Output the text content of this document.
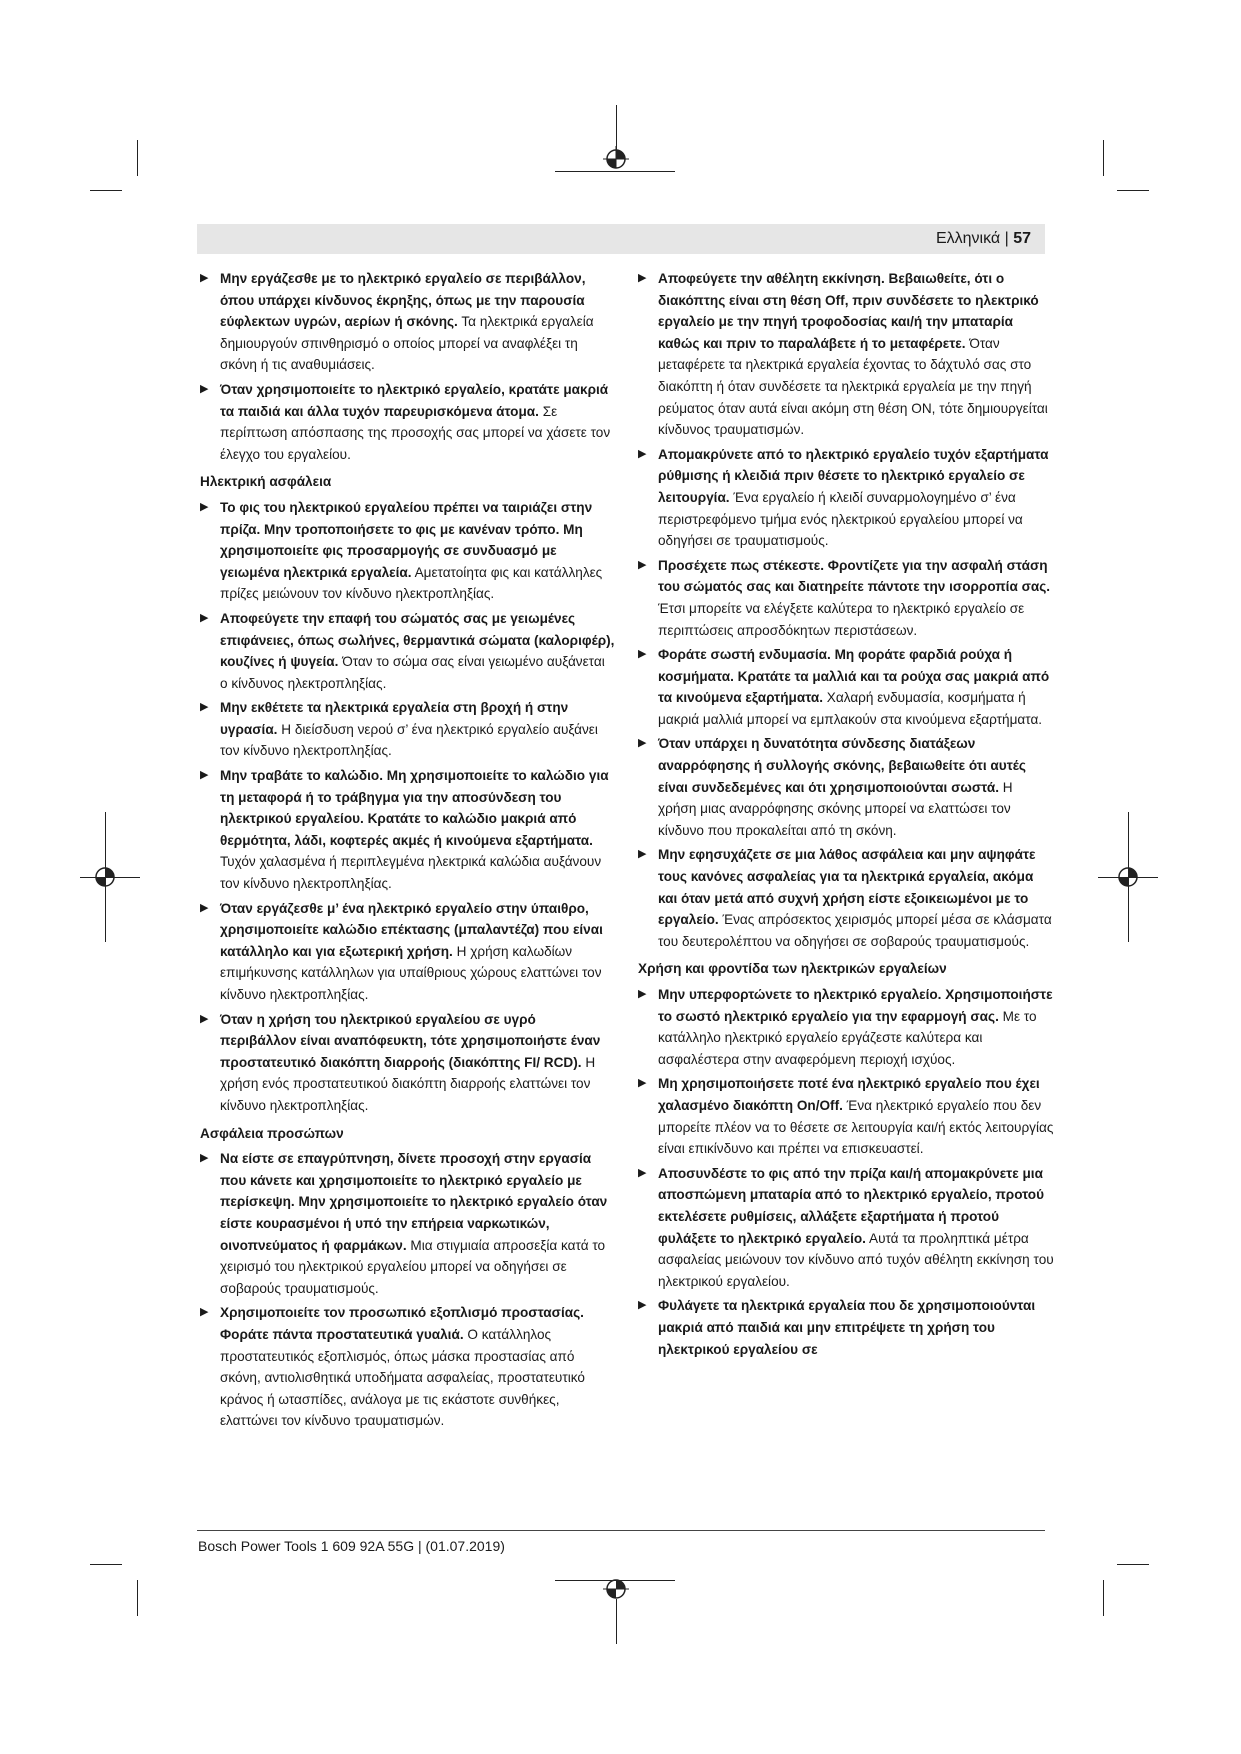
Ελληνικά | 57
▶ Μην εργάζεσθε με το ηλεκτρικό εργαλείο σε περιβάλλον, όπου υπάρχει κίνδυνος έκρηξης, όπως με την παρουσία εύφλεκτων υγρών, αερίων ή σκόνης. Τα ηλεκτρικά εργαλεία δημιουργούν σπινθηρισμό ο οποίος μπορεί να αναφλέξει τη σκόνη ή τις αναθυμιάσεις.
▶ Όταν χρησιμοποιείτε το ηλεκτρικό εργαλείο, κρατάτε μακριά τα παιδιά και άλλα τυχόν παρευρισκόμενα άτομα. Σε περίπτωση απόσπασης της προσοχής σας μπορεί να χάσετε τον έλεγχο του εργαλείου.
Ηλεκτρική ασφάλεια
▶ Το φις του ηλεκτρικού εργαλείου πρέπει να ταιριάζει στην πρίζα. Μην τροποποιήσετε το φις με κανέναν τρόπο. Μη χρησιμοποιείτε φις προσαρμογής σε συνδυασμό με γειωμένα ηλεκτρικά εργαλεία. Αμετατοίητα φις και κατάλληλες πρίζες μειώνουν τον κίνδυνο ηλεκτροπληξίας.
▶ Αποφεύγετε την επαφή του σώματός σας με γειωμένες επιφάνειες, όπως σωλήνες, θερμαντικά σώματα (καλοριφέρ), κουζίνες ή ψυγεία. Όταν το σώμα σας είναι γειωμένο αυξάνεται ο κίνδυνος ηλεκτροπληξίας.
▶ Μην εκθέτετε τα ηλεκτρικά εργαλεία στη βροχή ή στην υγρασία. Η διείσδυση νερού σ’ ένα ηλεκτρικό εργαλείο αυξάνει τον κίνδυνο ηλεκτροπληξίας.
▶ Μην τραβάτε το καλώδιο. Μη χρησιμοποιείτε το καλώδιο για τη μεταφορά ή το τράβηγμα για την αποσύνδεση του ηλεκτρικού εργαλείου. Κρατάτε το καλώδιο μακριά από θερμότητα, λάδι, κοφτερές ακμές ή κινούμενα εξαρτήματα. Τυχόν χαλασμένα ή περιπλεγμένα ηλεκτρικά καλώδια αυξάνουν τον κίνδυνο ηλεκτροπληξίας.
▶ Όταν εργάζεσθε μ’ ένα ηλεκτρικό εργαλείο στην ύπαιθρο, χρησιμοποιείτε καλώδιο επέκτασης (μπαλαντέζα) που είναι κατάλληλο και για εξωτερική χρήση. Η χρήση καλωδίων επιμήκυνσης κατάλληλων για υπαίθριους χώρους ελαττώνει τον κίνδυνο ηλεκτροπληξίας.
▶ Όταν η χρήση του ηλεκτρικού εργαλείου σε υγρό περιβάλλον είναι αναπόφευκτη, τότε χρησιμοποιήστε έναν προστατευτικό διακόπτη διαρροής (διακόπτης FI/ RCD). Η χρήση ενός προστατευτικού διακόπτη διαρροής ελαττώνει τον κίνδυνο ηλεκτροπληξίας.
Ασφάλεια προσώπων
▶ Να είστε σε επαγρύπνηση, δίνετε προσοχή στην εργασία που κάνετε και χρησιμοποιείτε το ηλεκτρικό εργαλείο με περίσκεψη. Μην χρησιμοποιείτε το ηλεκτρικό εργαλείο όταν είστε κουρασμένοι ή υπό την επήρεια ναρκωτικών, οινοπνεύματος ή φαρμάκων. Μια στιγμιαία απροσεξία κατά το χειρισμό του ηλεκτρικού εργαλείου μπορεί να οδηγήσει σε σοβαρούς τραυματισμούς.
▶ Χρησιμοποιείτε τον προσωπικό εξοπλισμό προστασίας. Φοράτε πάντα προστατευτικά γυαλιά. Ο κατάλληλος προστατευτικός εξοπλισμός, όπως μάσκα προστασίας από σκόνη, αντιολισθητικά υποδήματα ασφαλείας, προστατευτικό κράνος ή ωτασπίδες, ανάλογα με τις εκάστοτε συνθήκες, ελαττώνει τον κίνδυνο τραυματισμών.
▶ Αποφεύγετε την αθέλητη εκκίνηση. Βεβαιωθείτε, ότι ο διακόπτης είναι στη θέση Off, πριν συνδέσετε το ηλεκτρικό εργαλείο με την πηγή τροφοδοσίας και/ή την μπαταρία καθώς και πριν το παραλάβετε ή το μεταφέρετε. Όταν μεταφέρετε τα ηλεκτρικά εργαλεία έχοντας το δάχτυλό σας στο διακόπτη ή όταν συνδέσετε τα ηλεκτρικά εργαλεία με την πηγή ρεύματος όταν αυτά είναι ακόμη στη θέση ON, τότε δημιουργείται κίνδυνος τραυματισμών.
▶ Απομακρύνετε από το ηλεκτρικό εργαλείο τυχόν εξαρτήματα ρύθμισης ή κλειδιά πριν θέσετε το ηλεκτρικό εργαλείο σε λειτουργία. Ένα εργαλείο ή κλειδί συναρμολογημένο σ’ ένα περιστρεφόμενο τμήμα ενός ηλεκτρικού εργαλείου μπορεί να οδηγήσει σε τραυματισμούς.
▶ Προσέχετε πως στέκεστε. Φροντίζετε για την ασφαλή στάση του σώματός σας και διατηρείτε πάντοτε την ισορροπία σας. Έτσι μπορείτε να ελέγξετε καλύτερα το ηλεκτρικό εργαλείο σε περιπτώσεις απροσδόκητων περιστάσεων.
▶ Φοράτε σωστή ενδυμασία. Μη φοράτε φαρδιά ρούχα ή κοσμήματα. Κρατάτε τα μαλλιά και τα ρούχα σας μακριά από τα κινούμενα εξαρτήματα. Χαλαρή ενδυμασία, κοσμήματα ή μακριά μαλλιά μπορεί να εμπλακούν στα κινούμενα εξαρτήματα.
▶ Όταν υπάρχει η δυνατότητα σύνδεσης διατάξεων αναρρόφησης ή συλλογής σκόνης, βεβαιωθείτε ότι αυτές είναι συνδεδεμένες και ότι χρησιμοποιούνται σωστά. Η χρήση μιας αναρρόφησης σκόνης μπορεί να ελαττώσει τον κίνδυνο που προκαλείται από τη σκόνη.
▶ Μην εφησυχάζετε σε μια λάθος ασφάλεια και μην αψηφάτε τους κανόνες ασφαλείας για τα ηλεκτρικά εργαλεία, ακόμα και όταν μετά από συχνή χρήση είστε εξοικειωμένοι με το εργαλείο. Ένας απρόσεκτος χειρισμός μπορεί μέσα σε κλάσματα του δευτερολέπτου να οδηγήσει σε σοβαρούς τραυματισμούς.
Χρήση και φροντίδα των ηλεκτρικών εργαλείων
▶ Μην υπερφορτώνετε το ηλεκτρικό εργαλείο. Χρησιμοποιήστε το σωστό ηλεκτρικό εργαλείο για την εφαρμογή σας. Με το κατάλληλο ηλεκτρικό εργαλείο εργάζεστε καλύτερα και ασφαλέστερα στην αναφερόμενη περιοχή ισχύος.
▶ Μη χρησιμοποιήσετε ποτέ ένα ηλεκτρικό εργαλείο που έχει χαλασμένο διακόπτη On/Off. Ένα ηλεκτρικό εργαλείο που δεν μπορείτε πλέον να το θέσετε σε λειτουργία και/ή εκτός λειτουργίας είναι επικίνδυνο και πρέπει να επισκευαστεί.
▶ Αποσυνδέστε το φις από την πρίζα και/ή απομακρύνετε μια αποσπώμενη μπαταρία από το ηλεκτρικό εργαλείο, προτού εκτελέσετε ρυθμίσεις, αλλάξετε εξαρτήματα ή προτού φυλάξετε το ηλεκτρικό εργαλείο. Αυτά τα προληπτικά μέτρα ασφαλείας μειώνουν τον κίνδυνο από τυχόν αθέλητη εκκίνηση του ηλεκτρικού εργαλείου.
▶ Φυλάγετε τα ηλεκτρικά εργαλεία που δε χρησιμοποιούνται μακριά από παιδιά και μην επιτρέψετε τη χρήση του ηλεκτρικού εργαλείου σε
Bosch Power Tools 1 609 92A 55G | (01.07.2019)
